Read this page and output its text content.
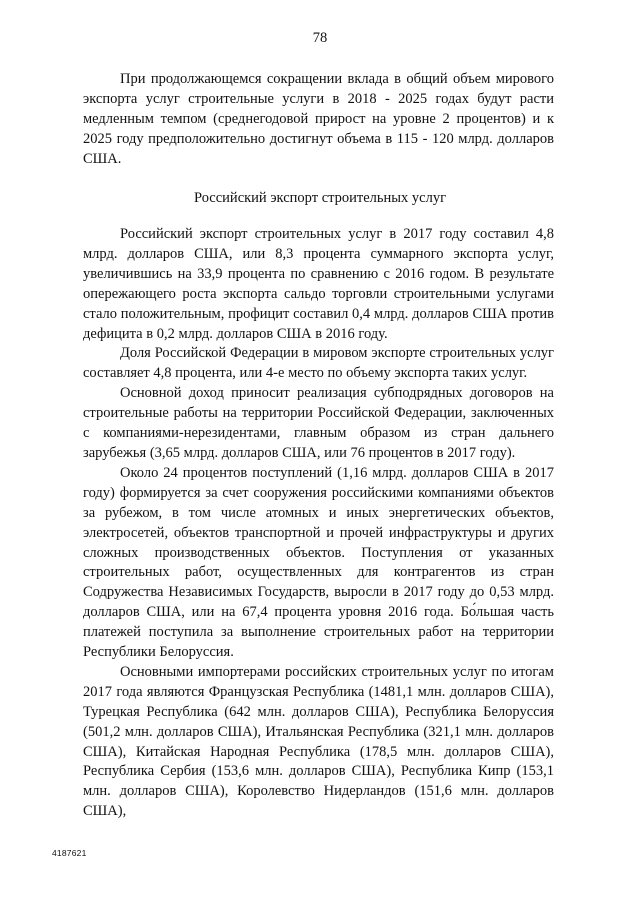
78

При продолжающемся сокращении вклада в общий объем мирового экспорта услуг строительные услуги в 2018 - 2025 годах будут расти медленным темпом (среднегодовой прирост на уровне 2 процентов) и к 2025 году предположительно достигнут объема в 115 - 120 млрд. долларов США.

Российский экспорт строительных услуг

Российский экспорт строительных услуг в 2017 году составил 4,8 млрд. долларов США, или 8,3 процента суммарного экспорта услуг, увеличившись на 33,9 процента по сравнению с 2016 годом. В результате опережающего роста экспорта сальдо торговли строительными услугами стало положительным, профицит составил 0,4 млрд. долларов США против дефицита в 0,2 млрд. долларов США в 2016 году.

Доля Российской Федерации в мировом экспорте строительных услуг составляет 4,8 процента, или 4-е место по объему экспорта таких услуг.

Основной доход приносит реализация субподрядных договоров на строительные работы на территории Российской Федерации, заключенных с компаниями-нерезидентами, главным образом из стран дальнего зарубежья (3,65 млрд. долларов США, или 76 процентов в 2017 году).

Около 24 процентов поступлений (1,16 млрд. долларов США в 2017 году) формируется за счет сооружения российскими компаниями объектов за рубежом, в том числе атомных и иных энергетических объектов, электросетей, объектов транспортной и прочей инфраструктуры и других сложных производственных объектов. Поступления от указанных строительных работ, осуществленных для контрагентов из стран Содружества Независимых Государств, выросли в 2017 году до 0,53 млрд. долларов США, или на 67,4 процента уровня 2016 года. Бо́льшая часть платежей поступила за выполнение строительных работ на территории Республики Белоруссия.

Основными импортерами российских строительных услуг по итогам 2017 года являются Французская Республика (1481,1 млн. долларов США), Турецкая Республика (642 млн. долларов США), Республика Белоруссия (501,2 млн. долларов США), Итальянская Республика (321,1 млн. долларов США), Китайская Народная Республика (178,5 млн. долларов США), Республика Сербия (153,6 млн. долларов США), Республика Кипр (153,1 млн. долларов США), Королевство Нидерландов (151,6 млн. долларов США),

4187621
